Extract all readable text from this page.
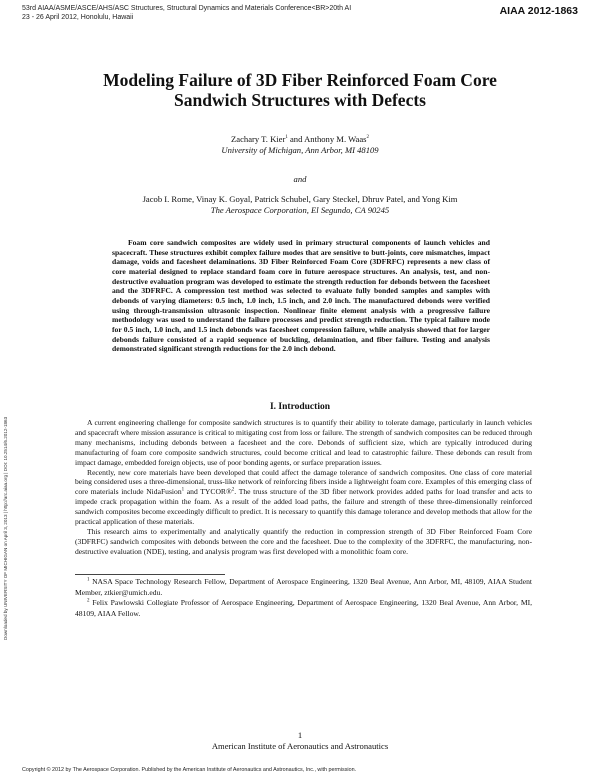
53rd AIAA/ASME/ASCE/AHS/ASC Structures, Structural Dynamics and Materials Conference<BR>20th AI
23 - 26 April 2012, Honolulu, Hawaii
AIAA 2012-1863
Downloaded by UNIVERSITY OF MICHIGAN on April 3, 2013 | http://arc.aiaa.org | DOI: 10.2514/6.2012-1863
Modeling Failure of 3D Fiber Reinforced Foam Core
Sandwich Structures with Defects
Zachary T. Kier$^1$ and Anthony M. Waas$^2$
University of Michigan, Ann Arbor, MI 48109
and
Jacob I. Rome, Vinay K. Goyal, Patrick Schubel, Gary Steckel, Dhruv Patel, and Yong Kim
The Aerospace Corporation, El Segundo, CA 90245
Foam core sandwich composites are widely used in primary structural components of launch vehicles and spacecraft. These structures exhibit complex failure modes that are sensitive to butt-joints, core mismatches, impact damage, voids and facesheet delaminations. 3D Fiber Reinforced Foam Core (3DFRFC) represents a new class of core material designed to replace standard foam core in future aerospace structures. An analysis, test, and non-destructive evaluation program was developed to estimate the strength reduction for debonds between the facesheet and the 3DFRFC. A compression test method was selected to evaluate fully bonded samples and samples with debonds of varying diameters: 0.5 inch, 1.0 inch, 1.5 inch, and 2.0 inch. The manufactured debonds were verified using through-transmission ultrasonic inspection. Nonlinear finite element analysis with a progressive failure methodology was used to understand the failure processes and predict strength reduction. The typical failure mode for 0.5 inch, 1.0 inch, and 1.5 inch debonds was facesheet compression failure, while analysis showed that for larger debonds failure consisted of a rapid sequence of buckling, delamination, and fiber failure. Testing and analysis demonstrated significant strength reductions for the 2.0 inch debond.
I. Introduction

A current engineering challenge for composite sandwich structures is to quantify their ability to tolerate damage, particularly in launch vehicles and spacecraft where mission assurance is critical to mitigating cost from loss or failure. The strength of sandwich composites can be reduced through many mechanisms, including debonds between a facesheet and the core. Debonds of sufficient size, which are typically introduced during manufacturing of foam core composite sandwich structures, could become critical and lead to catastrophic failure. These debonds can result from impact damage, embedded foreign objects, use of poor bonding agents, or surface preparation issues.

Recently, new core materials have been developed that could affect the damage tolerance of sandwich composites. One class of core material being considered uses a three-dimensional, truss-like network of reinforcing fibers inside a lightweight foam core. Examples of this emerging class of core materials include NidaFusion$^1$ and TYCOR®$^2$. The truss structure of the 3D fiber network provides added paths for load transfer and acts to impede crack propagation within the foam. As a result of the added load paths, the failure and strength of these three-dimensionally reinforced sandwich composites become exceedingly difficult to predict. It is necessary to quantify this damage tolerance and develop methods that allow for the practical application of these materials.

This research aims to experimentally and analytically quantify the reduction in compression strength of 3D Fiber Reinforced Foam Core (3DFRFC) sandwich composites with debonds between the core and the facesheet. Due to the complexity of the 3DFRFC, the manufacturing, non-destructive evaluation (NDE), testing, and analysis program was first developed with a monolithic foam core.

$^1$ NASA Space Technology Research Fellow, Department of Aerospace Engineering, 1320 Beal Avenue, Ann Arbor, MI, 48109, AIAA Student Member, ztkier@umich.edu.

$^2$ Felix Pawlowski Collegiate Professor of Aerospace Engineering, Department of Aerospace Engineering, 1320 Beal Avenue, Ann Arbor, MI, 48109, AIAA Fellow.

1
American Institute of Aeronautics and Astronautics
Copyright © 2012 by The Aerospace Corporation. Published by the American Institute of Aeronautics and Astronautics, Inc., with permission.
